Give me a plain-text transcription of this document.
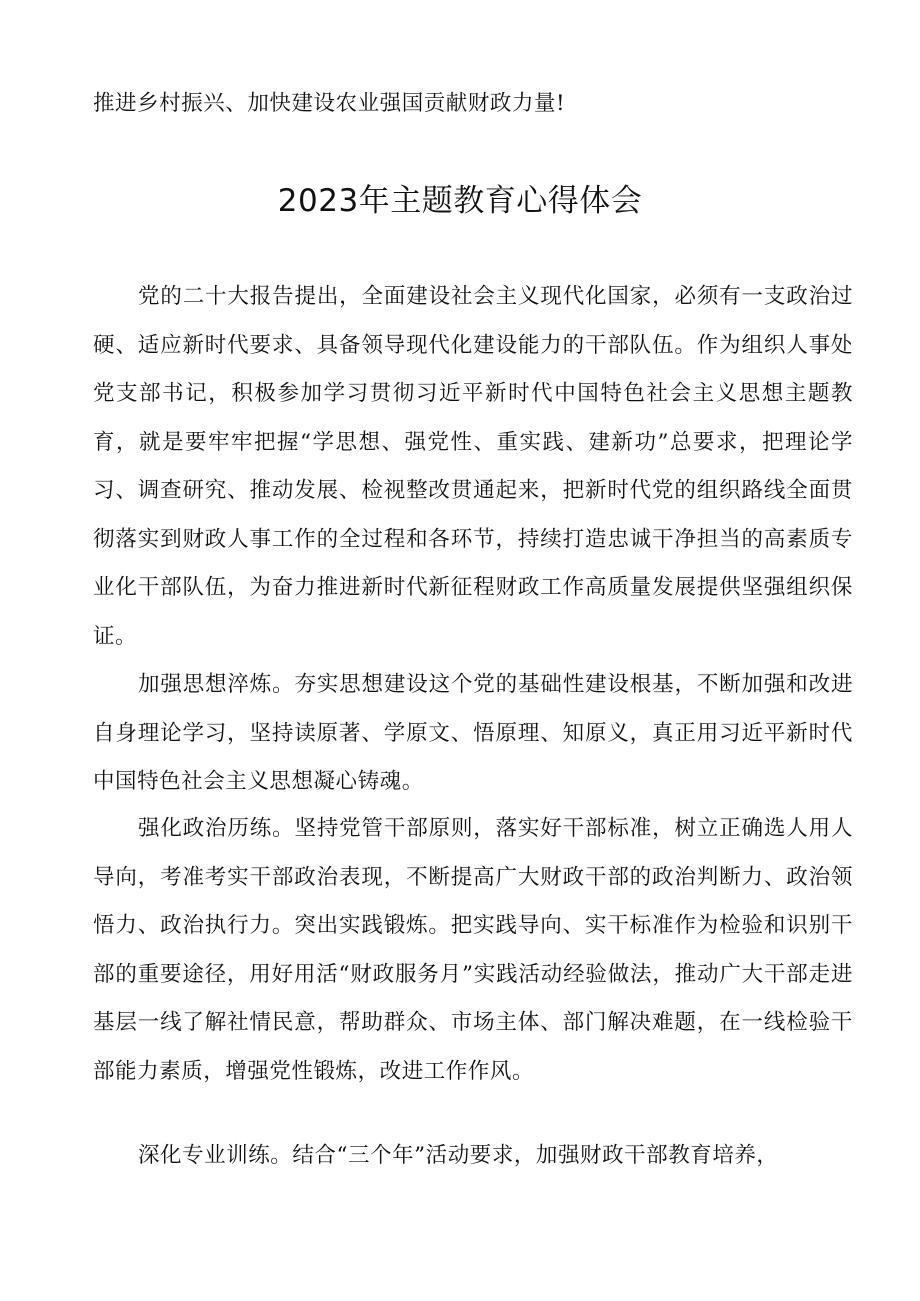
推进乡村振兴、加快建设农业强国贡献财政力量!

2023年主题教育心得体会

党的二十大报告提出，全面建设社会主义现代化国家，必须有一支政治过硬、适应新时代要求、具备领导现代化建设能力的干部队伍。作为组织人事处党支部书记，积极参加学习贯彻习近平新时代中国特色社会主义思想主题教育，就是要牢牢把握“学思想、强党性、重实践、建新功”总要求，把理论学习、调查研究、推动发展、检视整改贯通起来，把新时代党的组织路线全面贯彻落实到财政人事工作的全过程和各环节，持续打造忠诚干净担当的高素质专业化干部队伍，为奋力推进新时代新征程财政工作高质量发展提供坚强组织保证。

加强思想淬炼。夯实思想建设这个党的基础性建设根基，不断加强和改进自身理论学习，坚持读原著、学原文、悟原理、知原义，真正用习近平新时代中国特色社会主义思想凝心铸魂。

强化政治历练。坚持党管干部原则，落实好干部标准，树立正确选人用人导向，考准考实干部政治表现，不断提高广大财政干部的政治判断力、政治领悟力、政治执行力。突出实践锻炼。把实践导向、实干标准作为检验和识别干部的重要途径，用好用活“财政服务月”实践活动经验做法，推动广大干部走进基层一线了解社情民意，帮助群众、市场主体、部门解决难题，在一线检验干部能力素质，增强党性锻炼，改进工作作风。

深化专业训练。结合“三个年”活动要求，加强财政干部教育培养，
